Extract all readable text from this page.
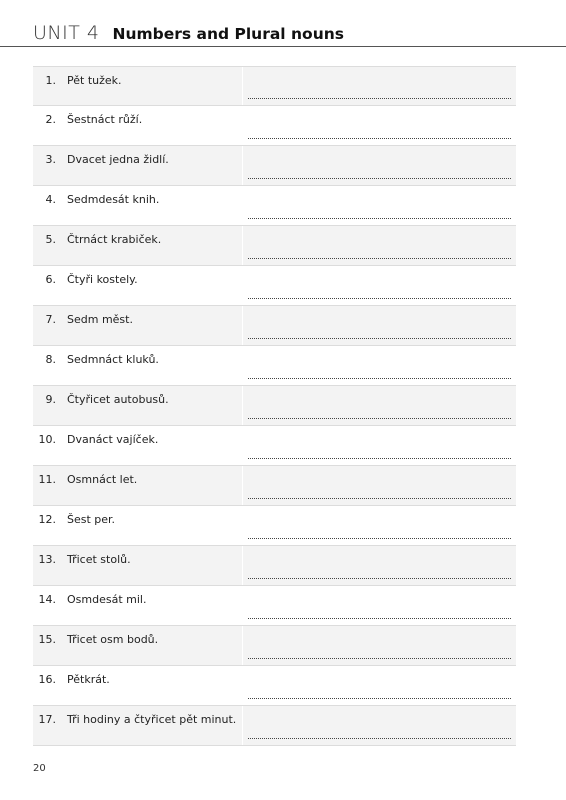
UNIT 4 Numbers and Plural nouns
1. Pět tužek.
2. Šestnáct růží.
3. Dvacet jedna židlí.
4. Sedmdesát knih.
5. Čtrnáct krabiček.
6. Čtyři kostely.
7. Sedm měst.
8. Sedmnáct kluků.
9. Čtyřicet autobusů.
10. Dvanáct vajíček.
11. Osmnáct let.
12. Šest per.
13. Třicet stolů.
14. Osmdesát mil.
15. Třicet osm bodů.
16. Pětkrát.
17. Tři hodiny a čtyřicet pět minut.
20
